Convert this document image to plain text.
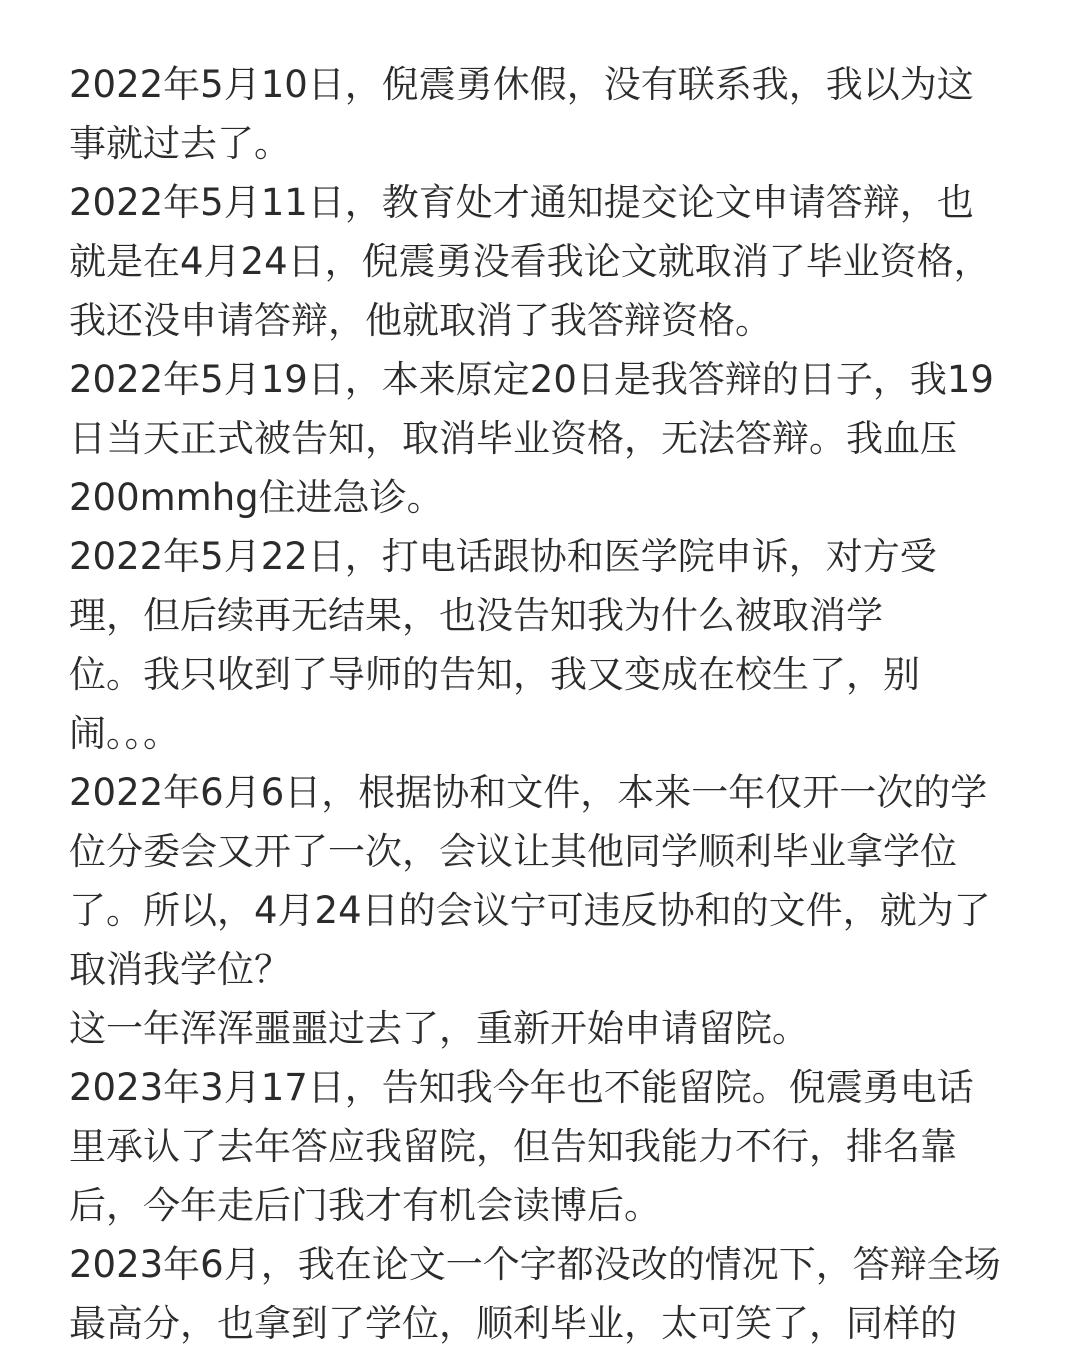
2022年5月10日，倪震勇休假，没有联系我，我以为这
事就过去了。
2022年5月11日，教育处才通知提交论文申请答辩，也
就是在4月24日，倪震勇没看我论文就取消了毕业资格，
我还没申请答辩，他就取消了我答辩资格。
2022年5月19日，本来原定20日是我答辩的日子，我19
日当天正式被告知，取消毕业资格，无法答辩。我血压
200mmhg住进急诊。
2022年5月22日，打电话跟协和医学院申诉，对方受
理，但后续再无结果，也没告知我为什么被取消学
位。我只收到了导师的告知，我又变成在校生了，别
闹。。。
2022年6月6日，根据协和文件，本来一年仅开一次的学
位分委会又开了一次，会议让其他同学顺利毕业拿学位
了。所以，4月24日的会议宁可违反协和的文件，就为了
取消我学位？
这一年浑浑噩噩过去了，重新开始申请留院。
2023年3月17日，告知我今年也不能留院。倪震勇电话
里承认了去年答应我留院，但告知我能力不行，排名靠
后，今年走后门我才有机会读博后。
2023年6月，我在论文一个字都没改的情况下，答辩全场
最高分，也拿到了学位，顺利毕业，太可笑了，同样的
